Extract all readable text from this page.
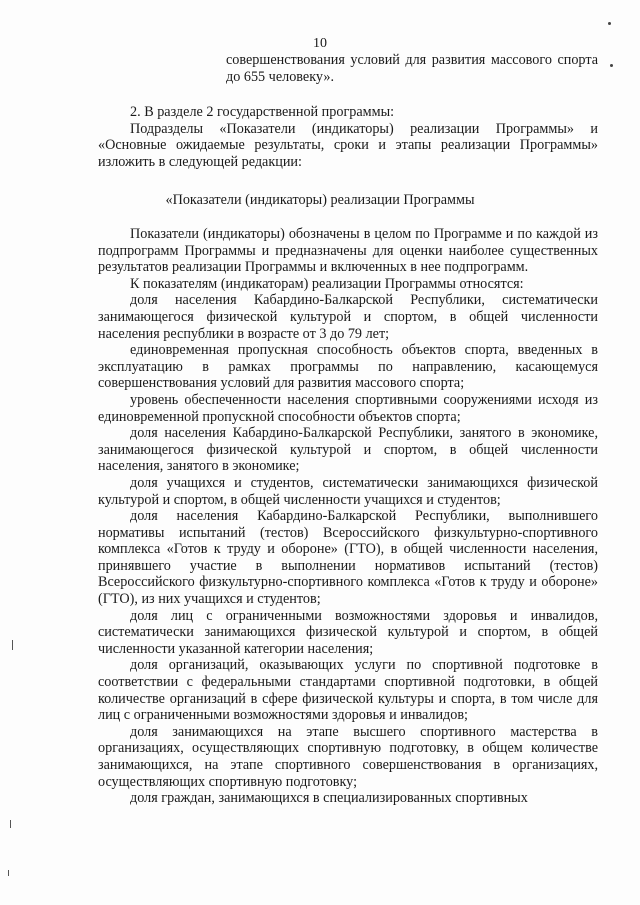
10
совершенствования условий для развития массового спорта до 655 человеку».

2. В разделе 2 государственной программы:

Подразделы «Показатели (индикаторы) реализации Программы» и «Основные ожидаемые результаты, сроки и этапы реализации Программы» изложить в следующей редакции:

«Показатели (индикаторы) реализации Программы

Показатели (индикаторы) обозначены в целом по Программе и по каждой из подпрограмм Программы и предназначены для оценки наиболее существенных результатов реализации Программы и включенных в нее подпрограмм.

К показателям (индикаторам) реализации Программы относятся:

доля населения Кабардино-Балкарской Республики, систематически занимающегося физической культурой и спортом, в общей численности населения республики в возрасте от 3 до 79 лет;

единовременная пропускная способность объектов спорта, введенных в эксплуатацию в рамках программы по направлению, касающемуся совершенствования условий для развития массового спорта;

уровень обеспеченности населения спортивными сооружениями исходя из единовременной пропускной способности объектов спорта;

доля населения Кабардино-Балкарской Республики, занятого в экономике, занимающегося физической культурой и спортом, в общей численности населения, занятого в экономике;

доля учащихся и студентов, систематически занимающихся физической культурой и спортом, в общей численности учащихся и студентов;

доля населения Кабардино-Балкарской Республики, выполнившего нормативы испытаний (тестов) Всероссийского физкультурно-спортивного комплекса «Готов к труду и обороне» (ГТО), в общей численности населения, принявшего участие в выполнении нормативов испытаний (тестов) Всероссийского физкультурно-спортивного комплекса «Готов к труду и обороне» (ГТО), из них учащихся и студентов;

доля лиц с ограниченными возможностями здоровья и инвалидов, систематически занимающихся физической культурой и спортом, в общей численности указанной категории населения;

доля организаций, оказывающих услуги по спортивной подготовке в соответствии с федеральными стандартами спортивной подготовки, в общей количестве организаций в сфере физической культуры и спорта, в том числе для лиц с ограниченными возможностями здоровья и инвалидов;

доля занимающихся на этапе высшего спортивного мастерства в организациях, осуществляющих спортивную подготовку, в общем количестве занимающихся, на этапе спортивного совершенствования в организациях, осуществляющих спортивную подготовку;

доля граждан, занимающихся в специализированных спортивных
